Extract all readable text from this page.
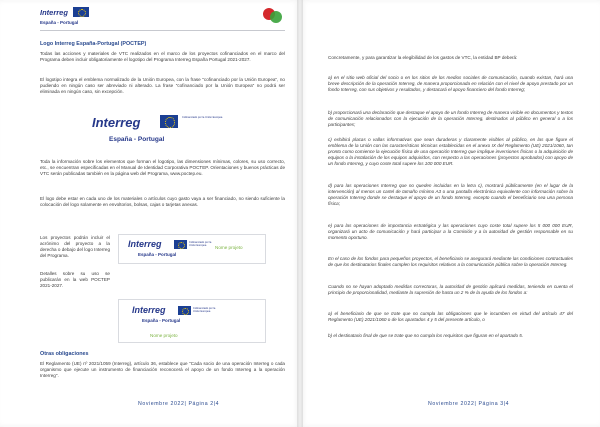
Interreg
España - Portugal
Logo Interreg España-Portugal (POCTEP)
Todas las acciones y materiales de VTC realizados en el marco de los proyectos cofinanciados en el marco del Programa deben incluir obligatoriamente el logotipo del Programa Interreg España Portugal 2021-2027.
El logotipo integra el emblema normalizado de la Unión Europea, con la frase "cofinanciado por la Unión Europea", no pudiendo en ningún caso ser abreviado ni alterado. La frase "cofinanciado por la Unión Europea" no podrá ser eliminada en ningún caso, sin excepción.
Interreg	Cofinanciado por la Unión Europea
España - Portugal
Toda la información sobre los elementos que forman el logotipo, las dimensiones mínimas, colores, su uso correcto, etc., se encuentran especificadas en el Manual de Identidad Corporativa POCTEP. Orientaciones y buenos prácticas de VTC serán publicadas también en la página web del Programa, www.poctep.eu.
El logo debe estar en cada uno de los materiales o artículos cuyo gasto vaya a ser financiado, no siendo suficiente la colocación del logo solamente en envoltorios, bolsas, cajas o tarjetas anexas.
Los proyectos podrán incluir el acrónimo del proyecto a la derecha o debajo del logo Interreg del Programa.
Detalles sobre su uso se publicarán en la web POCTEP 2021-2027.
Interreg	Cofinanciado por la Unión Europea
España - Portugal
Nome projeto
Interreg	Cofinanciado por la Unión Europea
España - Portugal
Nome projeto
Otras obligaciones
El Reglamento (UE) nº 2021/1059 (Interreg), artículo 36, establece que "Cada socio de una operación Interreg o cada organismo que ejecute un instrumento de financiación reconocerá el apoyo de un fondo Interreg a la operación Interreg".
Noviembre 2022| Página 2|4
Concretamente, y para garantizar la elegibilidad de los gastos de VTC, la entidad BP deberá:
a) en el sitio web oficial del socio o en los sitios de los medios sociales de comunicación, cuando existan, hará una breve descripción de la operación Interreg, de manera proporcionada en relación con el nivel de apoyo prestado por un fondo Interreg, con sus objetivos y resultados, y destacará el apoyo financiero del fondo Interreg;
b) proporcionará una declaración que destaque el apoyo de un fondo Interreg de manera visible en documentos y textos de comunicación relacionados con la ejecución de la operación Interreg, destinados al público en general o a los participantes;
c) exhibirá placas o vallas informativas que sean duraderas y claramente visibles al público, en las que figure el emblema de la Unión con las características técnicas establecidas en el anexo IX del Reglamento (UE) 2021/1060, tan pronto como comience la ejecución física de una operación Interreg que implique inversiones físicas o la adquisición de equipos o la instalación de los equipos adquiridos, con respecto a las operaciones (proyectos aprobados) con apoyo de un fondo Interreg, y cuyo coste total supere los 100 000 EUR.
d) para las operaciones Interreg que no queden incluidas en la letra c), mostrará públicamente (en el lugar de la intervención) al menos un cartel de tamaño mínimo A3 o una pantalla electrónica equivalente con información sobre la operación Interreg donde se destaque el apoyo de un fondo Interreg, excepto cuando el beneficiario sea una persona física;
e) para las operaciones de importancia estratégica y las operaciones cuyo coste total supere los 5 000 000 EUR, organizará un acto de comunicación y hará participar a la Comisión y a la autoridad de gestión responsable en su momento oportuno.
En el caso de los fondos para pequeños proyectos, el beneficiario se asegurará mediante las condiciones contractuales de que los destinatarios finales cumplen los requisitos relativos a la comunicación pública sobre la operación Interreg.
Cuando no se hayan adoptado medidas correctoras, la autoridad de gestión aplicará medidas, teniendo en cuenta el principio de proporcionalidad, mediante la supresión de hasta un 2 % de la ayuda de los fondos a:
a) el beneficiario de que se trate que no cumpla las obligaciones que le incumben en virtud del artículo 47 del Reglamento (UE) 2021/1060 o de los apartados 4 y 5 del presente artículo, o
b) el destinatario final de que se trate que no cumpla los requisitos que figuran en el apartado 5.
Noviembre 2022| Página 3|4
